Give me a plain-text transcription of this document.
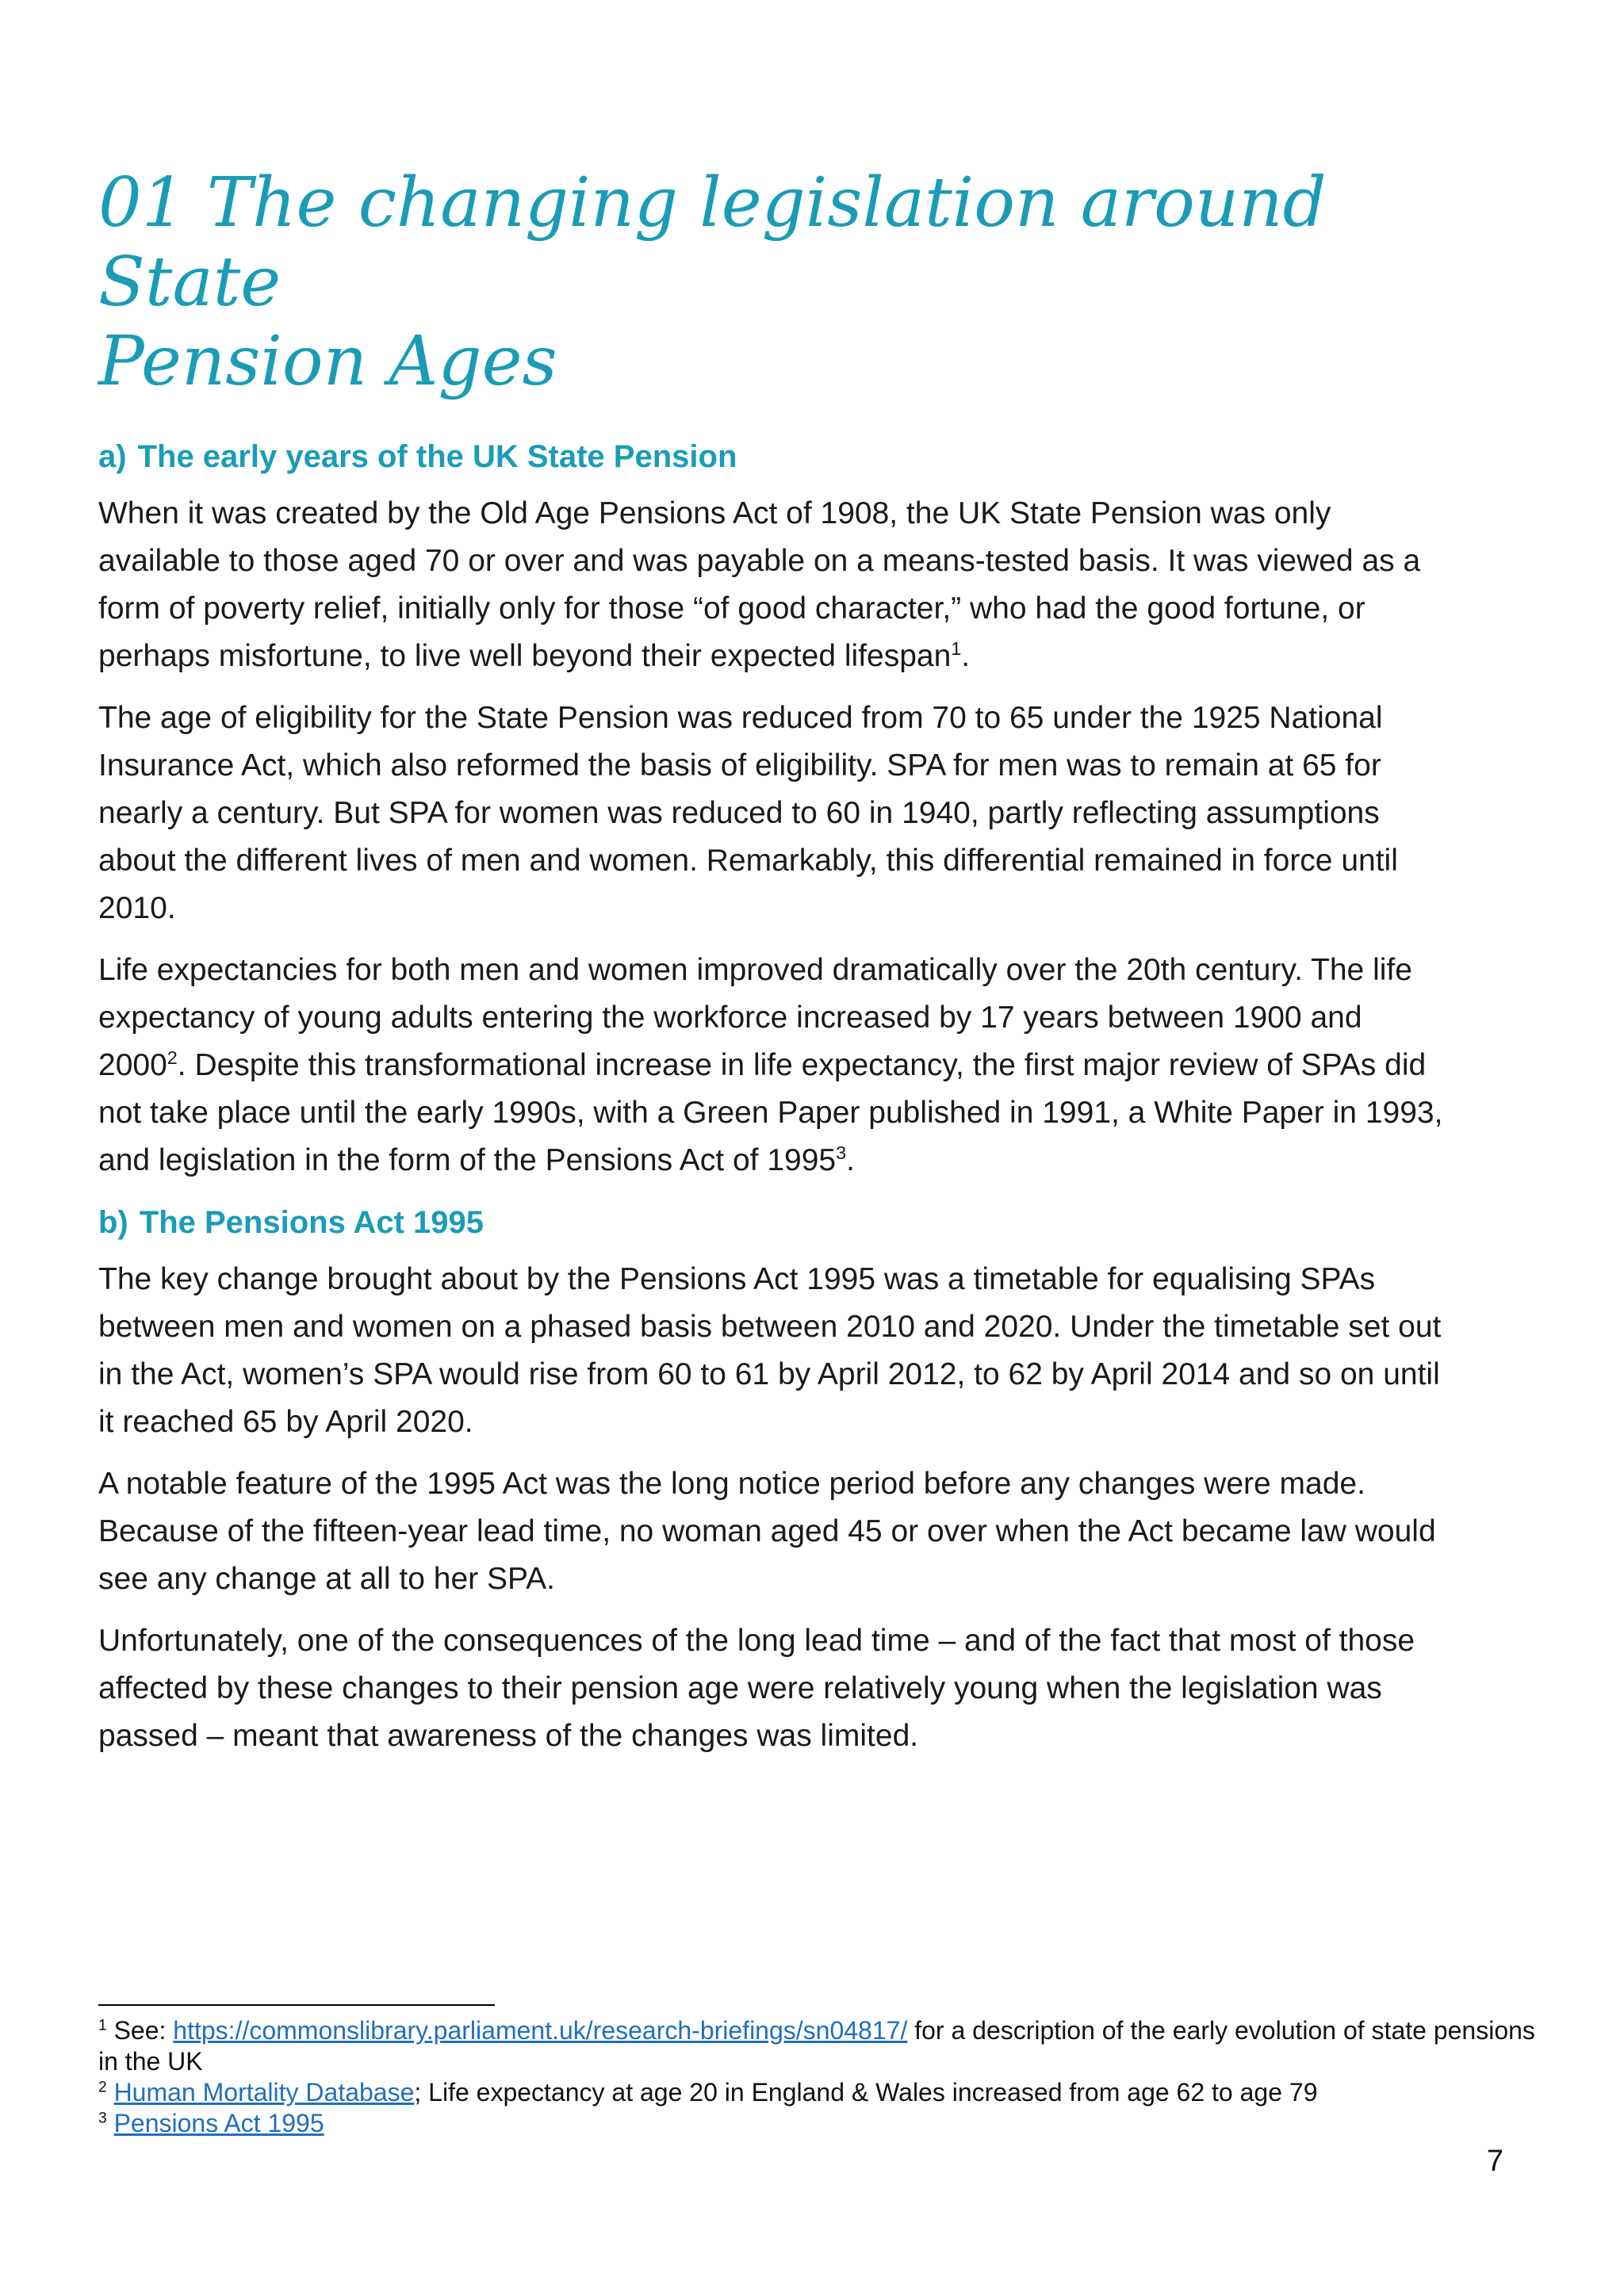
01 The changing legislation around State
Pension Ages
a) The early years of the UK State Pension

When it was created by the Old Age Pensions Act of 1908, the UK State Pension was only available to those aged 70 or over and was payable on a means-tested basis. It was viewed as a form of poverty relief, initially only for those “of good character,” who had the good fortune, or perhaps misfortune, to live well beyond their expected lifespan$^1$.

The age of eligibility for the State Pension was reduced from 70 to 65 under the 1925 National Insurance Act, which also reformed the basis of eligibility. SPA for men was to remain at 65 for nearly a century. But SPA for women was reduced to 60 in 1940, partly reflecting assumptions about the different lives of men and women. Remarkably, this differential remained in force until 2010.

Life expectancies for both men and women improved dramatically over the 20th century. The life expectancy of young adults entering the workforce increased by 17 years between 1900 and 2000$^2$. Despite this transformational increase in life expectancy, the first major review of SPAs did not take place until the early 1990s, with a Green Paper published in 1991, a White Paper in 1993, and legislation in the form of the Pensions Act of 1995$^3$.

b) The Pensions Act 1995

The key change brought about by the Pensions Act 1995 was a timetable for equalising SPAs between men and women on a phased basis between 2010 and 2020. Under the timetable set out in the Act, women’s SPA would rise from 60 to 61 by April 2012, to 62 by April 2014 and so on until it reached 65 by April 2020.

A notable feature of the 1995 Act was the long notice period before any changes were made. Because of the fifteen-year lead time, no woman aged 45 or over when the Act became law would see any change at all to her SPA.

Unfortunately, one of the consequences of the long lead time – and of the fact that most of those affected by these changes to their pension age were relatively young when the legislation was passed – meant that awareness of the changes was limited.

$^1$ See: https://commonslibrary.parliament.uk/research-briefings/sn04817/ for a description of the early evolution of state pensions in the UK

$^2$ Human Mortality Database; Life expectancy at age 20 in England & Wales increased from age 62 to age 79

$^3$ Pensions Act 1995

7
